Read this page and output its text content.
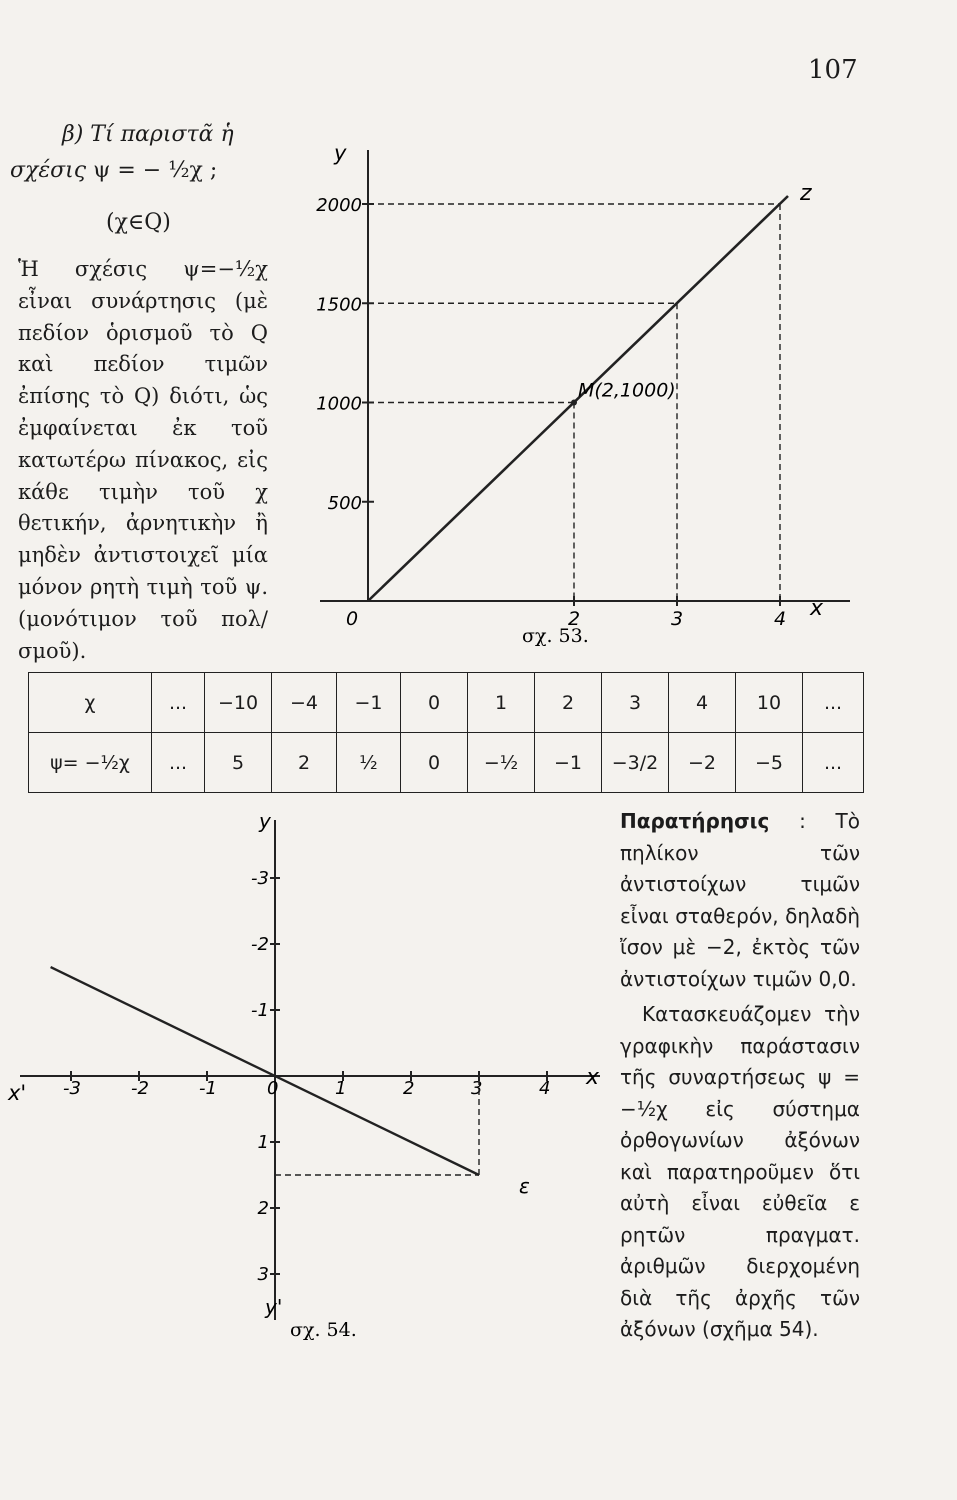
107
β) Τί παριστᾶ ἡ
σχέσις ψ = − ½χ ;
(χ∈Q)

Ἡ σχέσις ψ=−½χ εἶναι συνάρτησις (μὲ πεδίον ὁρισμοῦ τὸ Q καὶ πεδίον τιμῶν ἐπίσης τὸ Q) διότι, ὡς ἐμφαίνεται ἐκ τοῦ κατωτέρω πίνακος, εἰς κάθε τιμὴν τοῦ χ θετικήν, ἀρνητικὴν ἢ μηδὲν ἀντιστοιχεῖ μία μόνον ρητὴ τιμὴ τοῦ ψ. (μονότιμον τοῦ πολ/σμοῦ).

y
x
500
1000
1500
2000
0	2	3	4
z
M(2,1000)
σχ. 53.
χ	...	−10	−4	−1	0	1	2	3	4	10	...
ψ= −½χ	...	5	2	½	0	−½	−1	−3/2	−2	−5	...
y
y'
x
x' -3	-2	-1	0	1	2	3	4
3
2
1
-1
-2
-3
ε
σχ. 54.

Παρατήρησις : Τὸ πηλίκον τῶν ἀντιστοίχων τιμῶν εἶναι σταθερόν, δηλαδὴ ἴσον μὲ −2, ἐκτὸς τῶν ἀντιστοίχων τιμῶν 0,0.

Κατασκευάζομεν τὴν γραφικὴν παράστασιν τῆς συναρτήσεως ψ = −½χ εἰς σύστημα ὀρθογωνίων ἀξόνων καὶ παρατηροῦμεν ὅτι αὐτὴ εἶναι εὐθεῖα ε ρητῶν πραγματ. ἀριθμῶν διερχομένη διὰ τῆς ἀρχῆς τῶν ἀξόνων (σχῆμα 54).
